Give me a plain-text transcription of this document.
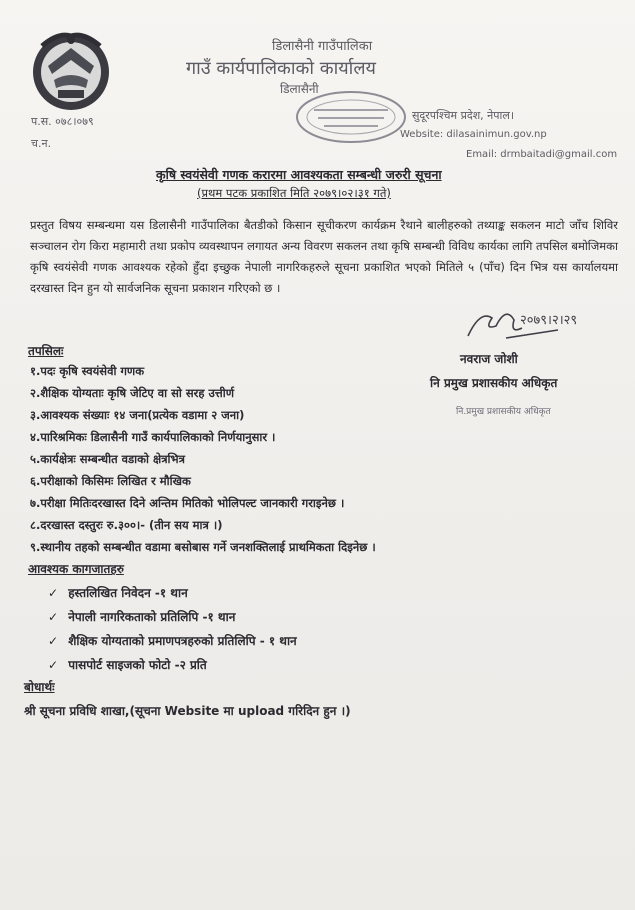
डिलासैनी गाउँपालिका
गाउँ कार्यपालिकाको कार्यालय
डिलासैनी
सुदूरपश्चिम प्रदेश, नेपाल।
Website: dilasainimun.gov.np
Email: drmbaitadi@gmail.com
प.स. ०७८।०७९
च.न.
कृषि स्वयंसेवी गणक करारमा आवश्यकता सम्बन्धी जरुरी सूचना
(प्रथम पटक प्रकाशित मिति २०७९।०२।३१ गते)
प्रस्तुत विषय सम्बन्धमा यस डिलासैनी गाउँपालिका बैतडीको किसान सूचीकरण कार्यक्रम रैथाने बालीहरुको तथ्याङ्क सकलन माटो जाँच शिविर सञ्चालन रोग किरा महामारी तथा प्रकोप व्यवस्थापन लगायत अन्य विवरण सकलन तथा कृषि सम्बन्धी विविध कार्यका लागि तपसिल बमोजिमका कृषि स्वयंसेवी गणक आवश्यक रहेको हुँदा इच्छुक नेपाली नागरिकहरुले सूचना प्रकाशित भएको मितिले ५ (पाँच) दिन भित्र यस कार्यालयमा दरखास्त दिन हुन यो सार्वजनिक सूचना प्रकाशन गरिएको छ ।
२०७९।२।२९
नवराज जोशी
नि प्रमुख प्रशासकीय अधिकृत
नि.प्रमुख प्रशासकीय अधिकृत
तपसिलः
१.पदः कृषि स्वयंसेवी गणक
२.शैक्षिक योग्यताः कृषि जेटिए वा सो सरह उत्तीर्ण
३.आवश्यक संख्याः १४ जना(प्रत्येक वडामा २ जना)
४.पारिश्रमिकः डिलासैनी गाउँ कार्यपालिकाको निर्णयानुसार ।
५.कार्यक्षेत्रः सम्बन्धीत वडाको क्षेत्रभित्र
६.परीक्षाको किसिमः लिखित र मौखिक
७.परीक्षा मितिःदरखास्त दिने अन्तिम मितिको भोलिपल्ट जानकारी गराइनेछ ।
८.दरखास्त दस्तुरः रु.३००।- (तीन सय मात्र ।)
९.स्थानीय तहको सम्बन्धीत वडामा बसोबास गर्ने जनशक्तिलाई प्राथमिकता दिइनेछ ।
आवश्यक कागजातहरु
✓ हस्तलिखित निवेदन -१ थान
✓ नेपाली नागरिकताको प्रतिलिपि -१ थान
✓ शैक्षिक योग्यताको प्रमाणपत्रहरुको प्रतिलिपि - १ थान
✓ पासपोर्ट साइजको फोटो -२ प्रति
बोधार्थः
श्री सूचना प्रविधि शाखा,(सूचना Website मा upload गरिदिन हुन ।)
